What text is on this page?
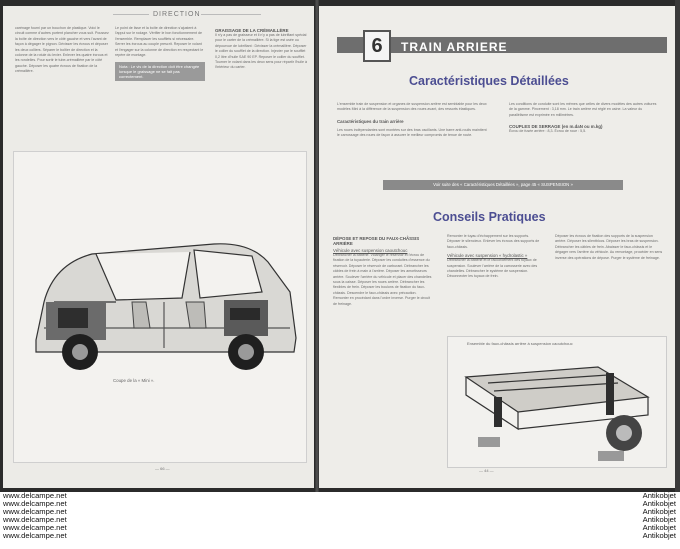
DIRECTION
carénage fourni par un bouchon de plastique. Voici le circuit comme d'autres portent plancher vous suit. Poussez la boîte de direction vers le côté gauche et vers l'avant de façon à dégager le pignon. Dévisser les écrous et déposer les deux colliers. Séparer le boîtier de direction et la colonne de la rotule du levier. Enlever les quatre écrous et les rondelles. Pour sortir le tube-crémaillère par le côté gauche. Déposer les quatre écrous de fixation de la crémaillère.
Le point de lisse et la boîte de direction s'ajustent à l'appui sur le rodage. Vérifier le bon fonctionnement de l'ensemble. Remplacer les soufflets si nécessaire. Serrer les écrous au couple prescrit. Reposer le volant et l'engager sur la colonne de direction en respectant le repère de montage.
Nota : Le vis de la direction doit être changée lorsque le graissage ne se fait pas correctement.
GRAISSAGE DE LA CRÉMAILLÈRE
Il n'y a pas de graisseur et il n'y a pas de lubrifiant spécial pour le carter de la crémaillère. Si la tige est usée ou dépourvue de lubrifiant : Dévisser la crémaillère. Déposer le collier du soufflet de la direction. Injecter par le soufflet 0,2 litre d'huile SAE 90 EP. Reposer le collier du soufflet. Tourner le volant dans les deux sens pour répartir l'huile à l'intérieur du carter.
Coupe de la « Mini ».
— 66 —
6	TRAIN ARRIERE
Caractéristiques Détaillées
L'ensemble train de suspension et organes de suspension arrière est semblable pour les deux modèles Mini à la différence de la suspension des roues avant, des ressorts élastiques.
Caractéristiques du train arrière
Les roues indépendantes sont montées sur des bras oscillants. Une barre anti-roulis maintient le carrossage des roues de façon à assurer le meilleur compromis de tenue de route.
Les conditions de conduite sont les mêmes que celles de divers modèles des autres voitures de la gamme. Pincement : 3,18 mm. Le train arrière est réglé en usine. La valeur du parallélisme est exprimée en millimètres.
COUPLES DE SERRAGE (en m.daN ou m.kg)
Écrou de fusée arrière : 8,3. Écrou de roue : 5,5.
Voir suite des « Caractéristiques Détaillées », page 45 « SUSPENSION »
Conseils Pratiques
DÉPOSE ET REPOSE DU FAUX-CHÂSSIS ARRIÈRE
Véhicule avec suspension caoutchouc
Débrancher la batterie. Vidanger le réservoir et l'écrou de fixation de la tuyauterie. Déposer les conduites d'essence du réservoir. Déposer le réservoir de carburant. Débrancher les câbles de frein à main à l'arrière. Déposer les amortisseurs arrière. Soulever l'arrière du véhicule et placer des chandelles sous la caisse. Déposer les roues arrière. Débrancher les flexibles de frein. Déposer les boulons de fixation du faux-châssis. Descendre le faux-châssis avec précaution. Remonter en procédant dans l'ordre inverse. Purger le circuit de freinage.
Remonter le tuyau d'échappement sur les supports. Déposer le silencieux. Enlever les écrous des supports de faux-châssis.
Véhicule avec suspension « hydrolastic »
Débrancher la batterie et le raccordement des tuyaux de suspension. Soulever l'arrière de la carrosserie avec des chandelles. Débrancher le système de suspension. Déconnecter les tuyaux de frein.
Déposer les écrous de fixation des supports de la suspension arrière. Déposer les silentblocs. Déposer les bras de suspension. Débrancher les câbles de frein. Abaisser le faux-châssis et le dégager vers l'arrière du véhicule. Au remontage, procéder en sens inverse des opérations de dépose. Purger le système de freinage.
Ensemble du faux-châssis arrière à suspension caoutchouc
— 44 —
www.delcampe.net
www.delcampe.net
www.delcampe.net
www.delcampe.net
www.delcampe.net
www.delcampe.net
Antikobjet
Antikobjet
Antikobjet
Antikobjet
Antikobjet
Antikobjet
